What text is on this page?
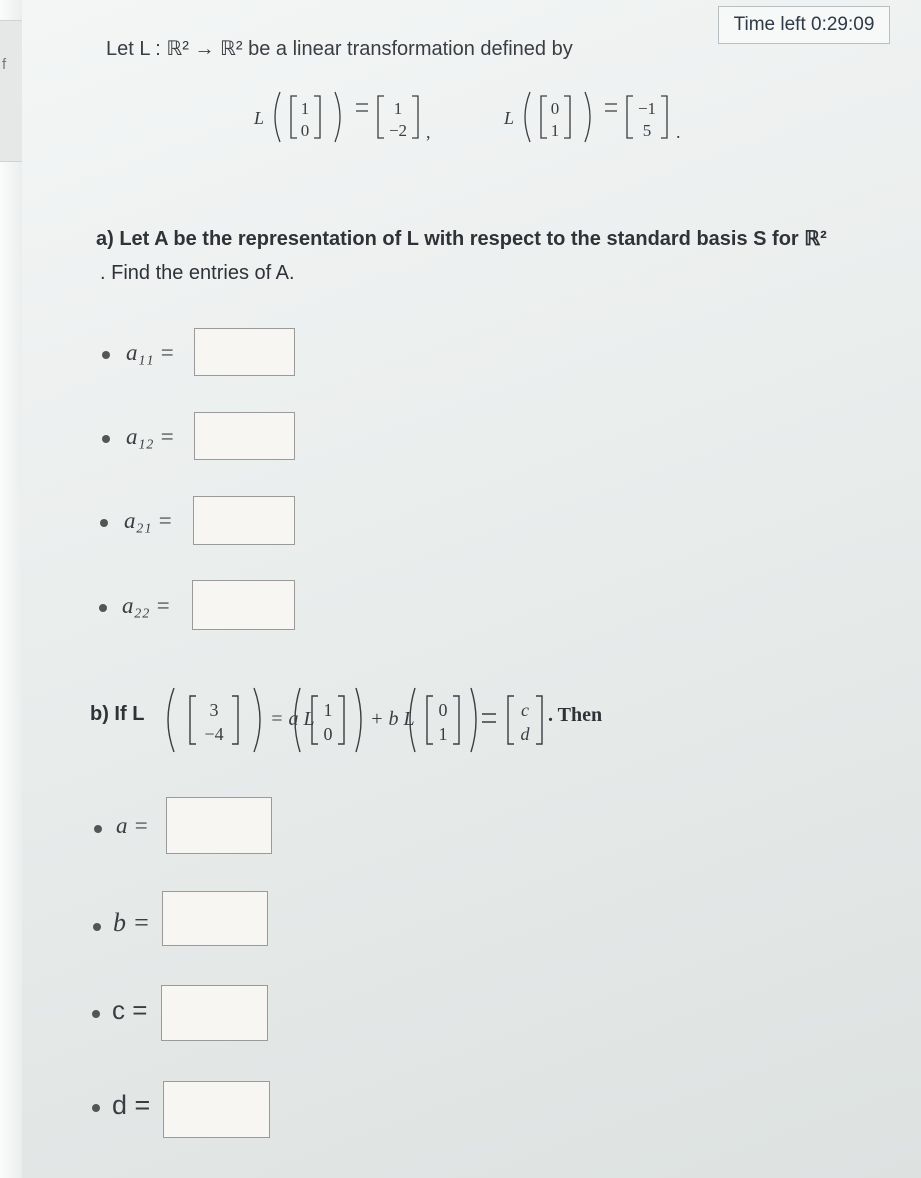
f
Time left 0:29:09
Let L : ℝ² → ℝ² be a linear transformation defined by
L 1
0
1
−2 ,
L 0
1
−1
5 .
a) Let A be the representation of L with respect to the standard basis S for ℝ²
. Find the entries of A.
a₁₁ =
a₁₂ =
a₂₁ =
a₂₂ =
b) If L	3
−4
= a L 1
0
+ b L 0
1
c
d
. Then
a =
b =
c =
d =
